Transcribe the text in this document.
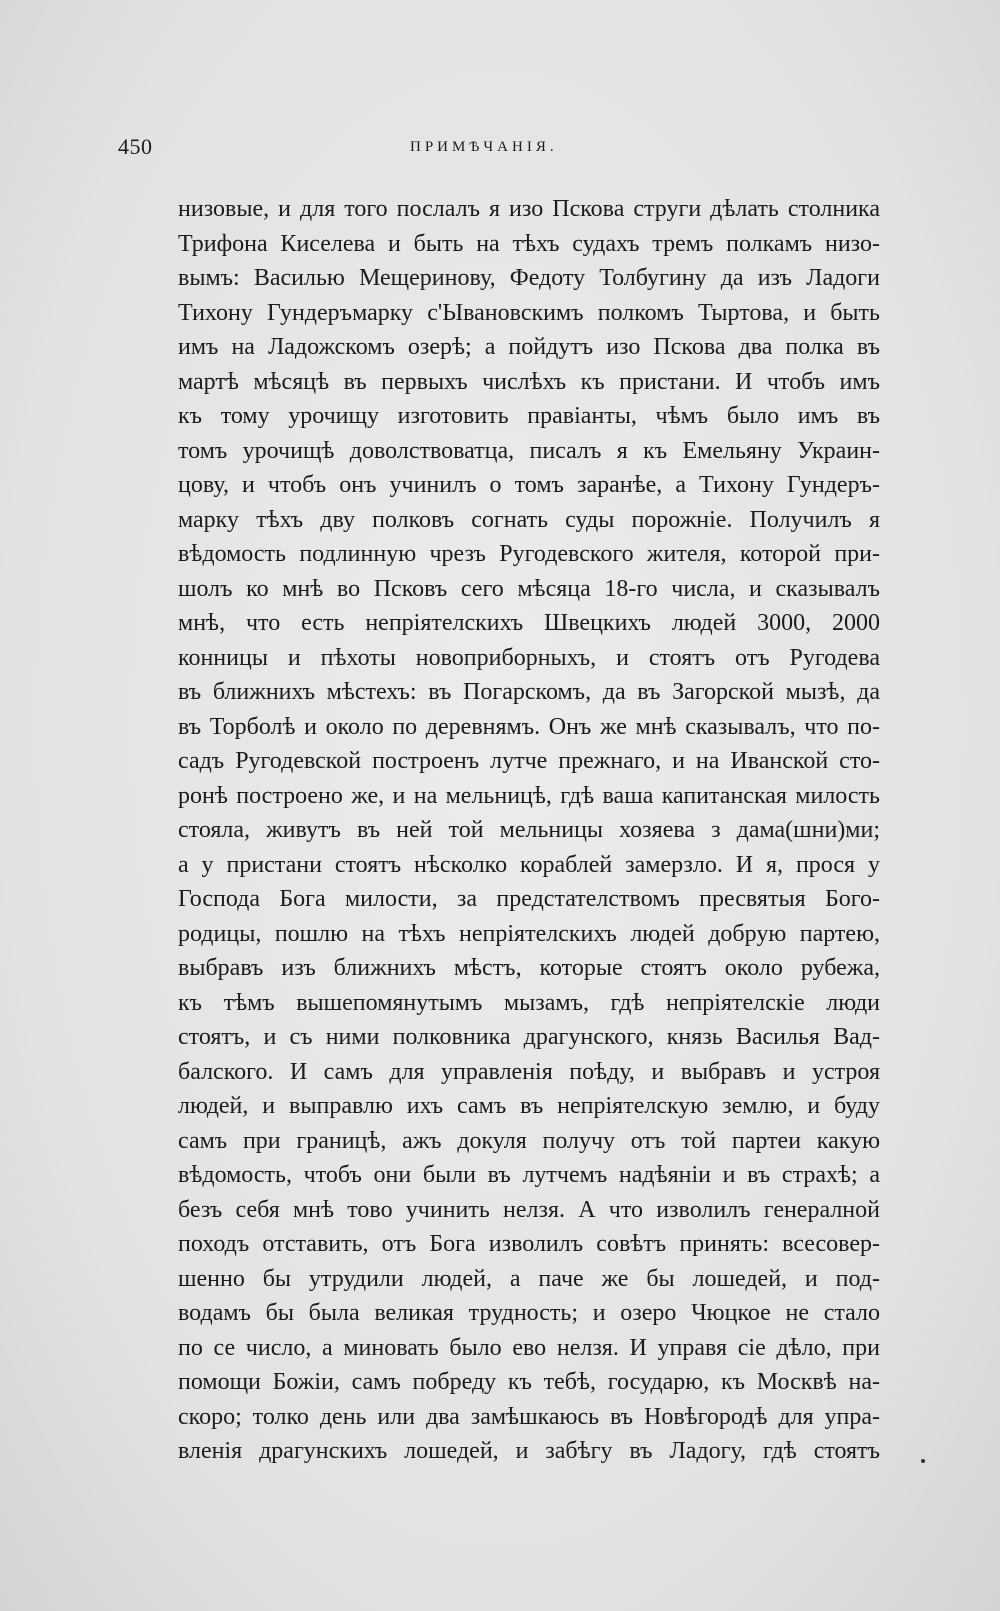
450	ПРИМѢЧАНІЯ.
низовые, и для того послалъ я изо Пскова струги дѣлать столника
Трифона Киселева и быть на тѣхъ судахъ тремъ полкамъ низо-
вымъ: Василью Мещеринову, Федоту Толбугину да изъ Ладоги
Тихону Гундеръмарку с'Ывановскимъ полкомъ Тыртова, и быть
имъ на Ладожскомъ озерѣ; а пойдутъ изо Пскова два полка въ
мартѣ мѣсяцѣ въ первыхъ числѣхъ къ пристани. И чтобъ имъ
къ тому урочищу изготовить правіанты, чѣмъ было имъ въ
томъ урочищѣ доволствоватца, писалъ я къ Емельяну Украин-
цову, и чтобъ онъ учинилъ о томъ заранѣе, а Тихону Гундеръ-
марку тѣхъ дву полковъ согнать суды порожніе. Получилъ я
вѣдомость подлинную чрезъ Ругодевского жителя, которой при-
шолъ ко мнѣ во Псковъ сего мѣсяца 18-го числа, и сказывалъ
мнѣ, что есть непріятелскихъ Швецкихъ людей 3000, 2000
конницы и пѣхоты новоприборныхъ, и стоятъ отъ Ругодева
въ ближнихъ мѣстехъ: въ Погарскомъ, да въ Загорской мызѣ, да
въ Торболѣ и около по деревнямъ. Онъ же мнѣ сказывалъ, что по-
садъ Ругодевской построенъ лутче прежнаго, и на Иванской сто-
ронѣ построено же, и на мельницѣ, гдѣ ваша капитанская милость
стояла, живутъ въ ней той мельницы хозяева з дама(шни)ми;
а у пристани стоятъ нѣсколко кораблей замерзло. И я, прося у
Господа Бога милости, за предстателствомъ пресвятыя Бого-
родицы, пошлю на тѣхъ непріятелскихъ людей добрую партею,
выбравъ изъ ближнихъ мѣстъ, которые стоятъ около рубежа,
къ тѣмъ вышепомянутымъ мызамъ, гдѣ непріятелскіе люди
стоятъ, и съ ними полковника драгунского, князь Василья Вад-
балского. И самъ для управленія поѣду, и выбравъ и устроя
людей, и выправлю ихъ самъ въ непріятелскую землю, и буду
самъ при границѣ, ажъ докуля получу отъ той партеи какую
вѣдомость, чтобъ они были въ лутчемъ надѣяніи и въ страхѣ; а
безъ себя мнѣ тово учинить нелзя. А что изволилъ генералной
походъ отставить, отъ Бога изволилъ совѣтъ принять: всесовер-
шенно бы утрудили людей, а паче же бы лошедей, и под-
водамъ бы была великая трудность; и озеро Чюцкое не стало
по се число, а миновать было ево нелзя. И управя сіе дѣло, при
помощи Божіи, самъ побреду къ тебѣ, государю, къ Москвѣ на-
скоро; толко день или два замѣшкаюсь въ Новѣгородѣ для упра-
вленія драгунскихъ лошедей, и забѣгу въ Ладогу, гдѣ стоятъ
